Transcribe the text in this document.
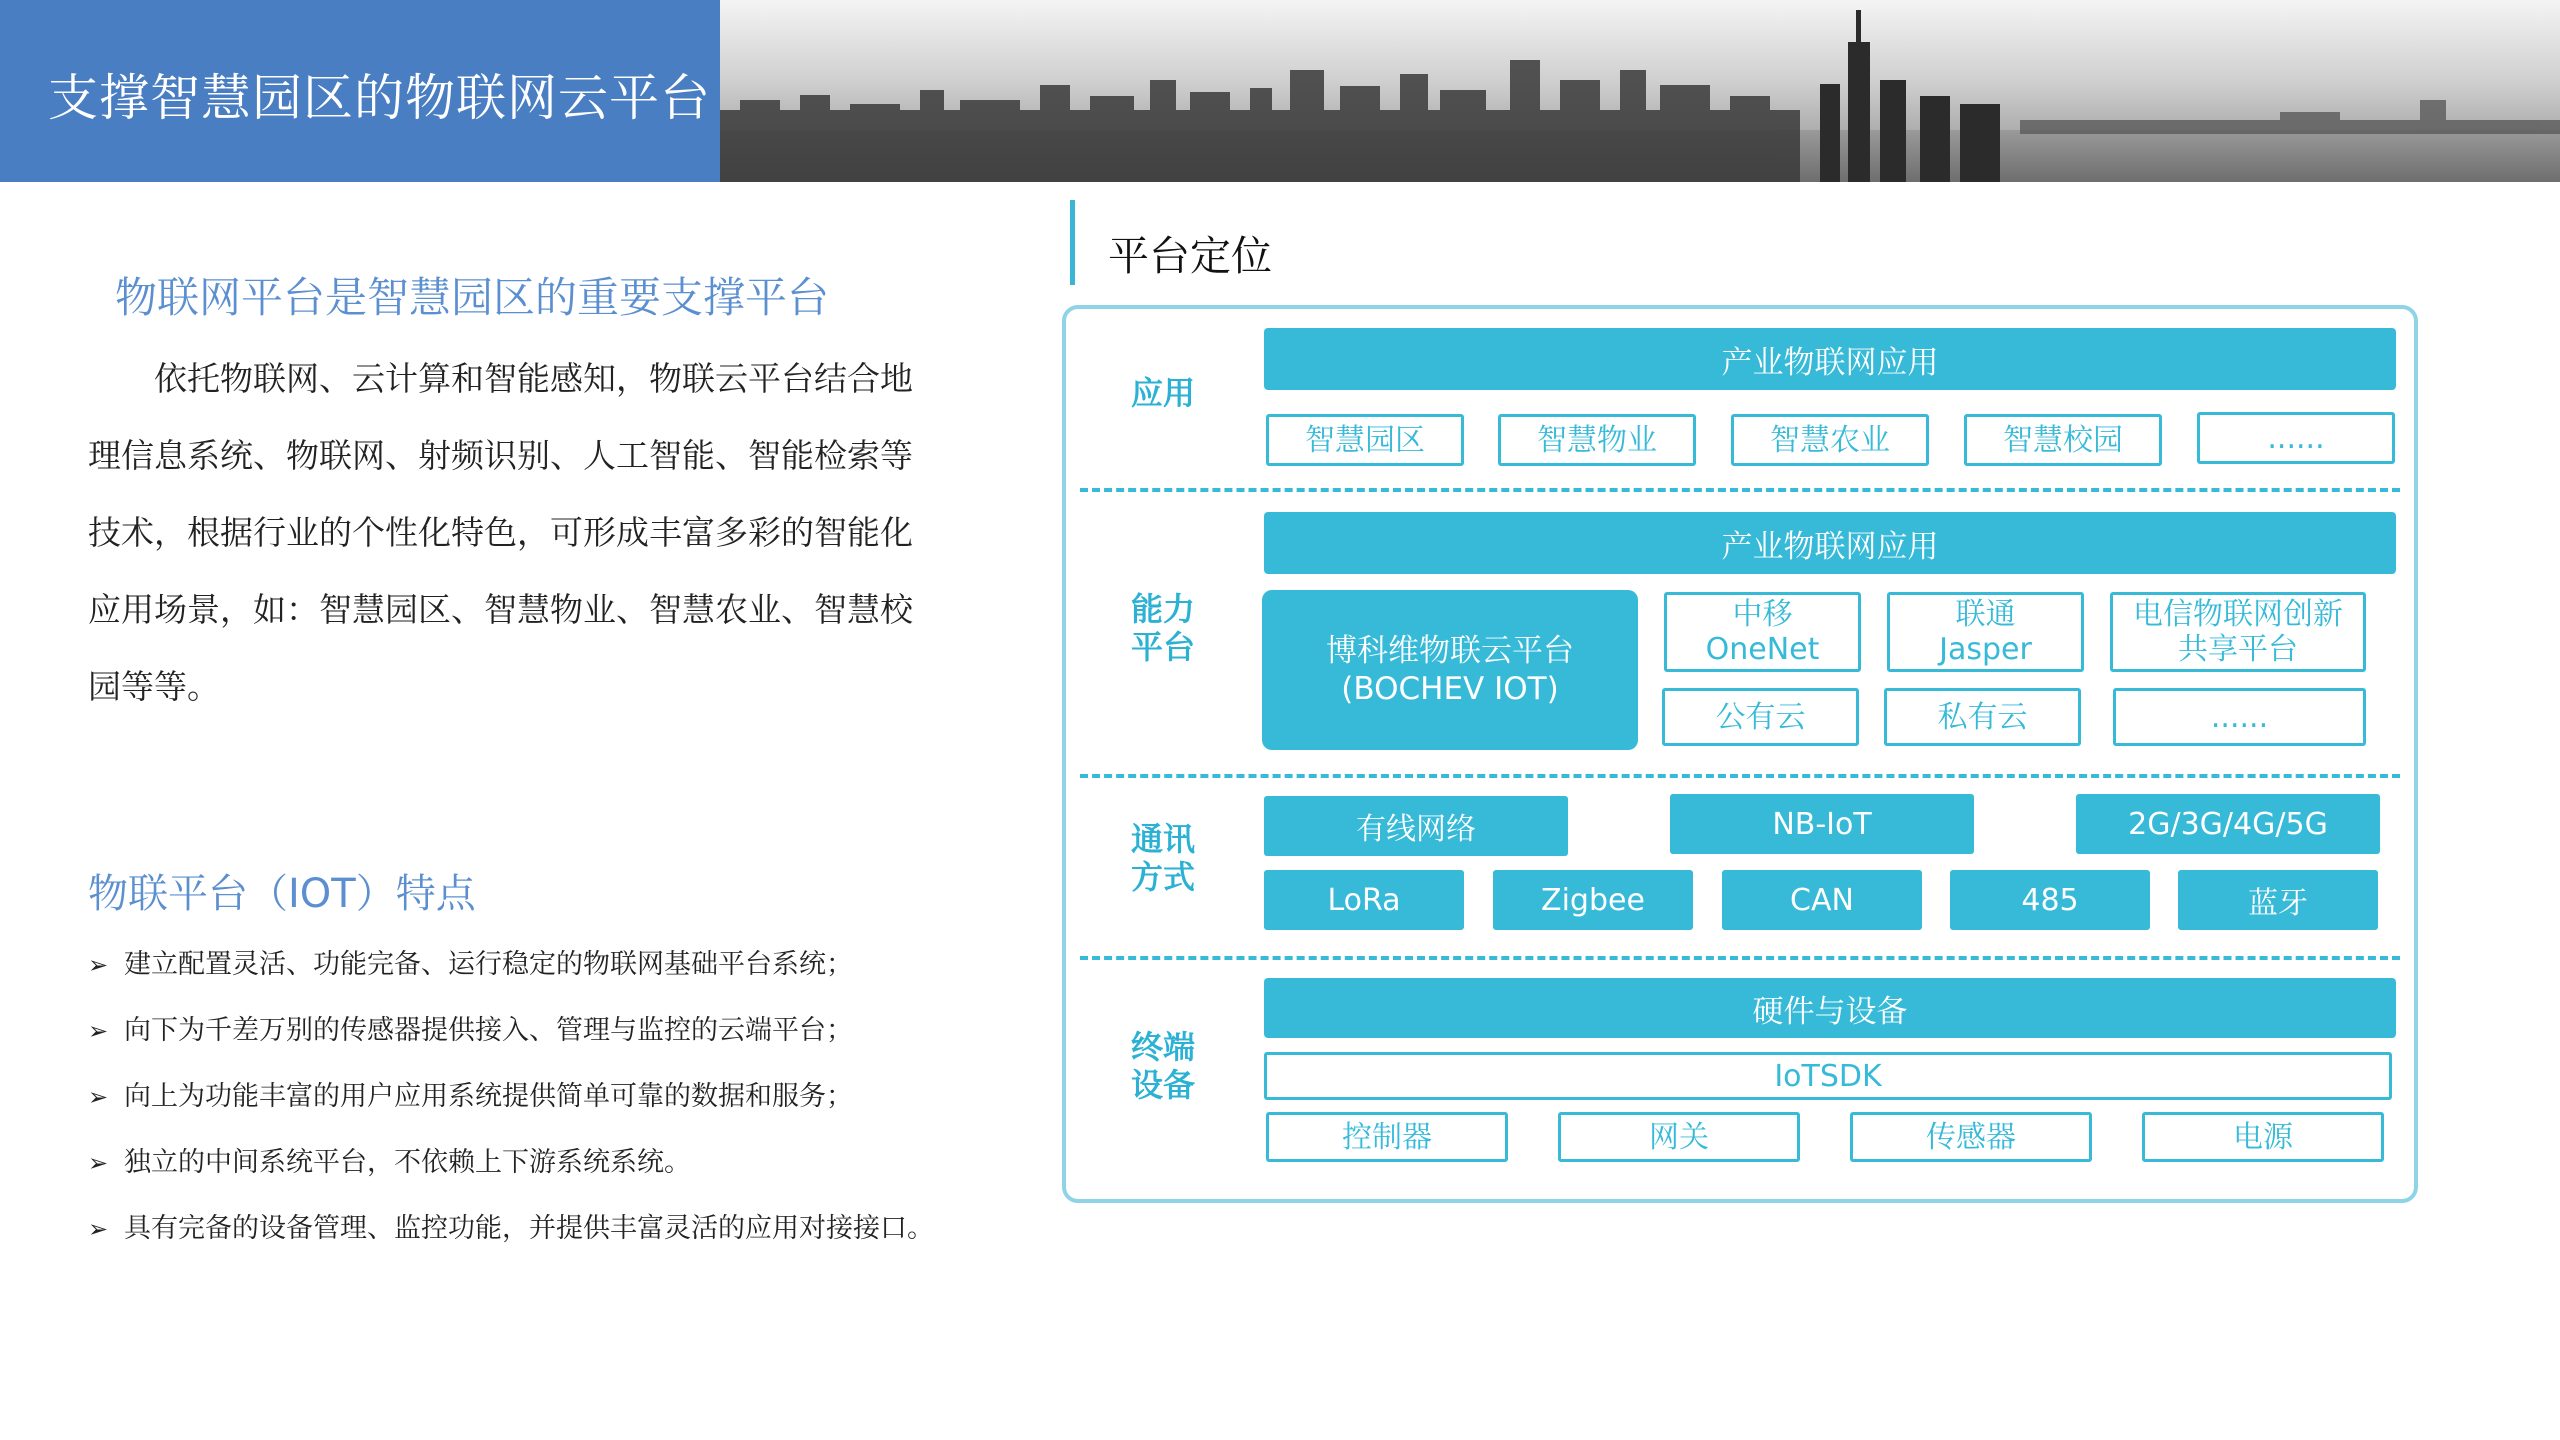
支撑智慧园区的物联网云平台
物联网平台是智慧园区的重要支撑平台
依托物联网、云计算和智能感知，物联云平台结合地理信息系统、物联网、射频识别、人工智能、智能检索等技术，根据行业的个性化特色，可形成丰富多彩的智能化应用场景，如：智慧园区、智慧物业、智慧农业、智慧校园等等。
物联平台（IOT）特点
➢ 建立配置灵活、功能完备、运行稳定的物联网基础平台系统；
➢ 向下为千差万别的传感器提供接入、管理与监控的云端平台；
➢ 向上为功能丰富的用户应用系统提供简单可靠的数据和服务；
➢ 独立的中间系统平台，不依赖上下游系统系统。
➢ 具有完备的设备管理、监控功能，并提供丰富灵活的应用对接接口。
平台定位
应用
产业物联网应用
智慧园区	智慧物业	智慧农业	智慧校园	......
能力
平台
产业物联网应用
博科维物联云平台
(BOCHEV IOT)
中移
OneNet
联通
Jasper
电信物联网创新
共享平台
公有云	私有云	......
通讯
方式
有线网络	NB-IoT	2G/3G/4G/5G
LoRa	Zigbee	CAN	485	蓝牙
终端
设备
硬件与设备
IoTSDK
控制器	网关	传感器	电源
